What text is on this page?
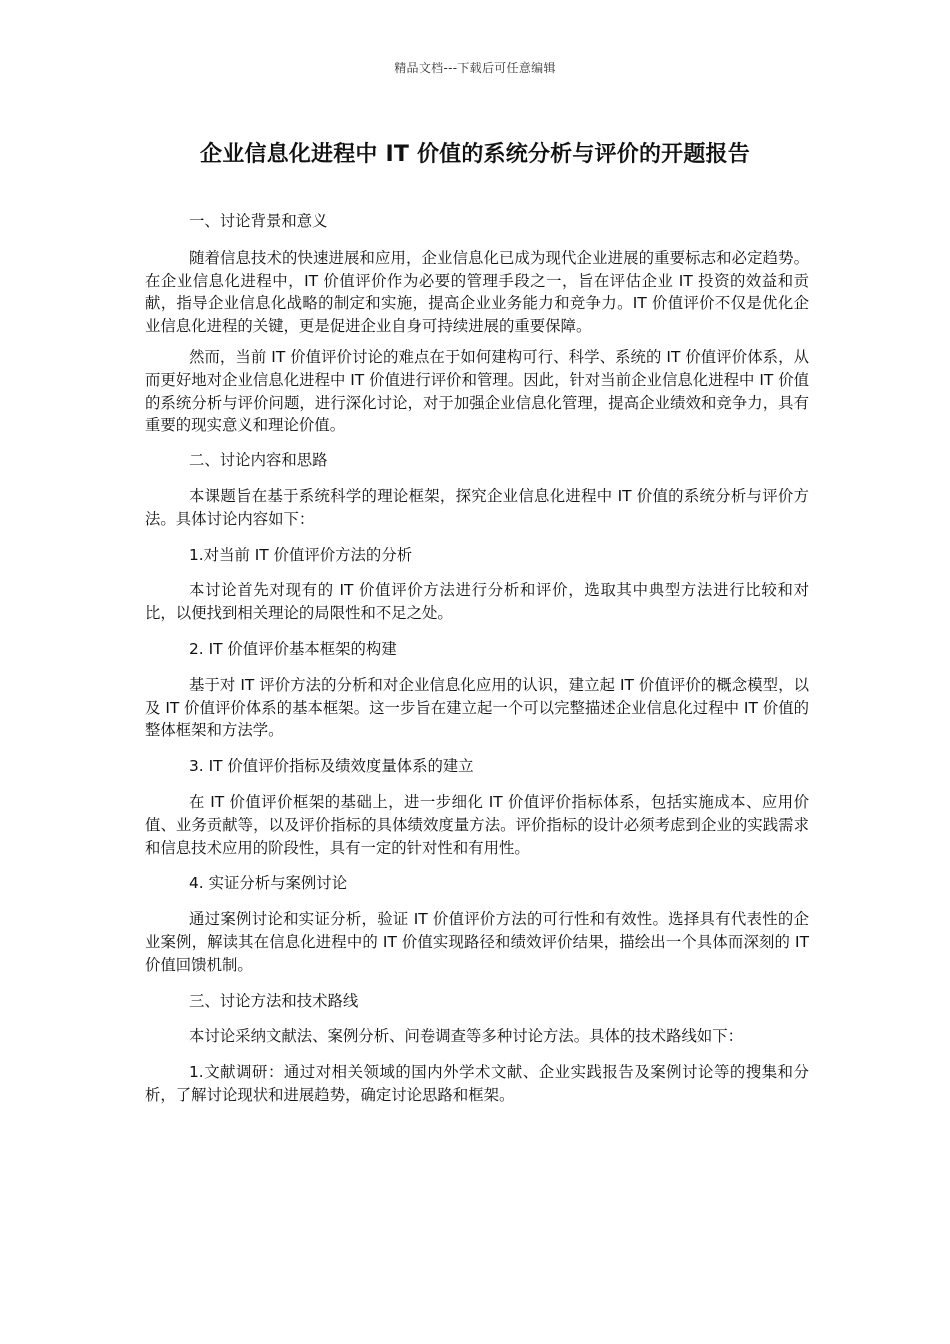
精品文档---下载后可任意编辑
企业信息化进程中 IT 价值的系统分析与评价的开题报告

一、讨论背景和意义

随着信息技术的快速进展和应用，企业信息化已成为现代企业进展的重要标志和必定趋势。在企业信息化进程中，IT 价值评价作为必要的管理手段之一，旨在评估企业 IT 投资的效益和贡献，指导企业信息化战略的制定和实施，提高企业业务能力和竞争力。IT 价值评价不仅是优化企业信息化进程的关键，更是促进企业自身可持续进展的重要保障。

然而，当前 IT 价值评价讨论的难点在于如何建构可行、科学、系统的 IT 价值评价体系，从而更好地对企业信息化进程中 IT 价值进行评价和管理。因此，针对当前企业信息化进程中 IT 价值的系统分析与评价问题，进行深化讨论，对于加强企业信息化管理，提高企业绩效和竞争力，具有重要的现实意义和理论价值。

二、讨论内容和思路

本课题旨在基于系统科学的理论框架，探究企业信息化进程中 IT 价值的系统分析与评价方法。具体讨论内容如下：

1.对当前 IT 价值评价方法的分析

本讨论首先对现有的 IT 价值评价方法进行分析和评价，选取其中典型方法进行比较和对比，以便找到相关理论的局限性和不足之处。

2. IT 价值评价基本框架的构建

基于对 IT 评价方法的分析和对企业信息化应用的认识，建立起 IT 价值评价的概念模型，以及 IT 价值评价体系的基本框架。这一步旨在建立起一个可以完整描述企业信息化过程中 IT 价值的整体框架和方法学。

3. IT 价值评价指标及绩效度量体系的建立

在 IT 价值评价框架的基础上，进一步细化 IT 价值评价指标体系，包括实施成本、应用价值、业务贡献等，以及评价指标的具体绩效度量方法。评价指标的设计必须考虑到企业的实践需求和信息技术应用的阶段性，具有一定的针对性和有用性。

4. 实证分析与案例讨论

通过案例讨论和实证分析，验证 IT 价值评价方法的可行性和有效性。选择具有代表性的企业案例，解读其在信息化进程中的 IT 价值实现路径和绩效评价结果，描绘出一个具体而深刻的 IT 价值回馈机制。

三、讨论方法和技术路线

本讨论采纳文献法、案例分析、问卷调查等多种讨论方法。具体的技术路线如下：

1.文献调研：通过对相关领域的国内外学术文献、企业实践报告及案例讨论等的搜集和分析，了解讨论现状和进展趋势，确定讨论思路和框架。
